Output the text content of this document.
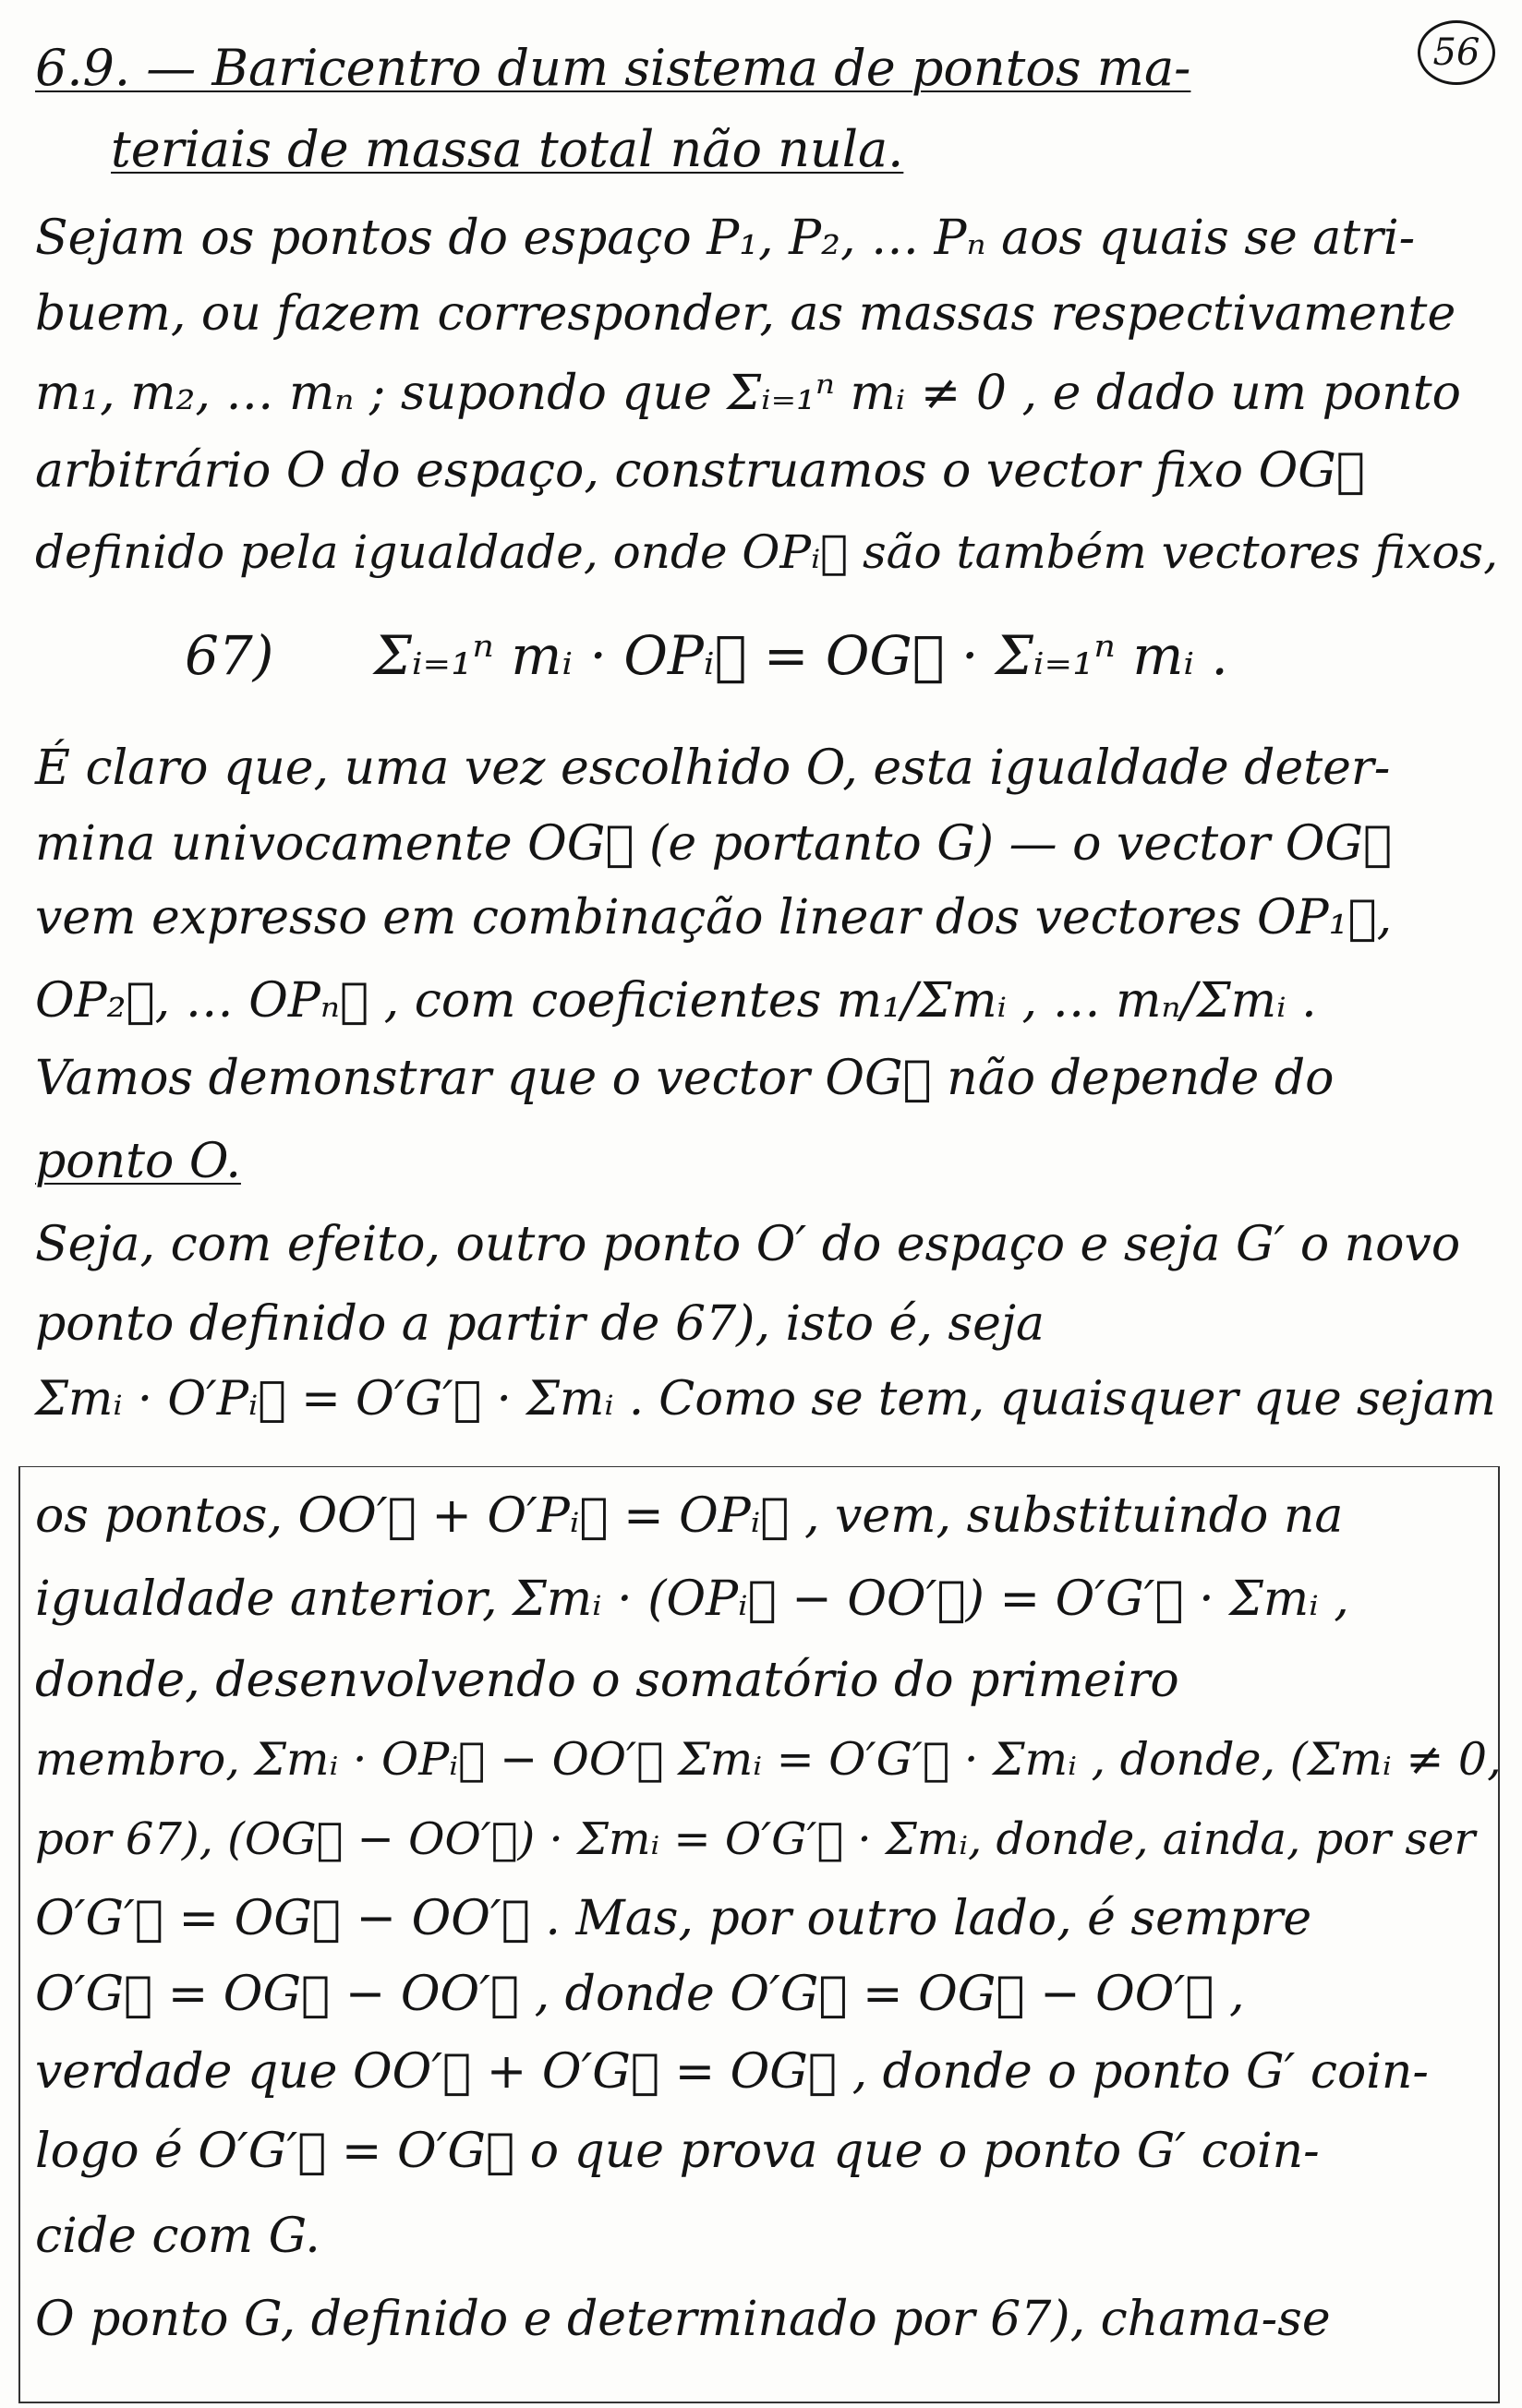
56
6.9. — Baricentro dum sistema de pontos ma-
teriais de massa total não nula.
Sejam os pontos do espaço P₁, P₂, … Pₙ aos quais se atri-
buem, ou fazem corresponder, as massas respectivamente
m₁, m₂, … mₙ ; supondo que Σᵢ₌₁ⁿ mᵢ ≠ 0 , e dado um ponto
arbitrário O do espaço, construamos o vector fixo OG⃗
definido pela igualdade, onde OPᵢ⃗ são também vectores fixos,
67) Σᵢ₌₁ⁿ mᵢ · OPᵢ⃗ = OG⃗ · Σᵢ₌₁ⁿ mᵢ .
É claro que, uma vez escolhido O, esta igualdade deter-
mina univocamente OG⃗ (e portanto G) — o vector OG⃗
vem expresso em combinação linear dos vectores OP₁⃗,
OP₂⃗, … OPₙ⃗ , com coeficientes m₁/Σmᵢ , … mₙ/Σmᵢ .
Vamos demonstrar que o vector OG⃗ não depende do
ponto O.
Seja, com efeito, outro ponto O′ do espaço e seja G′ o novo
ponto definido a partir de 67), isto é, seja
Σmᵢ · O′Pᵢ⃗ = O′G′⃗ · Σmᵢ . Como se tem, quaisquer que sejam
os pontos, OO′⃗ + O′Pᵢ⃗ = OPᵢ⃗ , vem, substituindo na
igualdade anterior, Σmᵢ · (OPᵢ⃗ − OO′⃗) = O′G′⃗ · Σmᵢ ,
donde, desenvolvendo o somatório do primeiro
membro, Σmᵢ · OPᵢ⃗ − OO′⃗ Σmᵢ = O′G′⃗ · Σmᵢ , donde, (Σmᵢ ≠ 0,
por 67), (OG⃗ − OO′⃗) · Σmᵢ = O′G′⃗ · Σmᵢ, donde, ainda, por ser
O′G′⃗ = OG⃗ − OO′⃗ . Mas, por outro lado, é sempre
O′G⃗ = OG⃗ − OO′⃗ , donde O′G⃗ = OG⃗ − OO′⃗ ,
verdade que OO′⃗ + O′G⃗ = OG⃗ , donde o ponto G′ coin-
logo é O′G′⃗ = O′G⃗ o que prova que o ponto G′ coin-
cide com G.
O ponto G, definido e determinado por 67), chama-se
